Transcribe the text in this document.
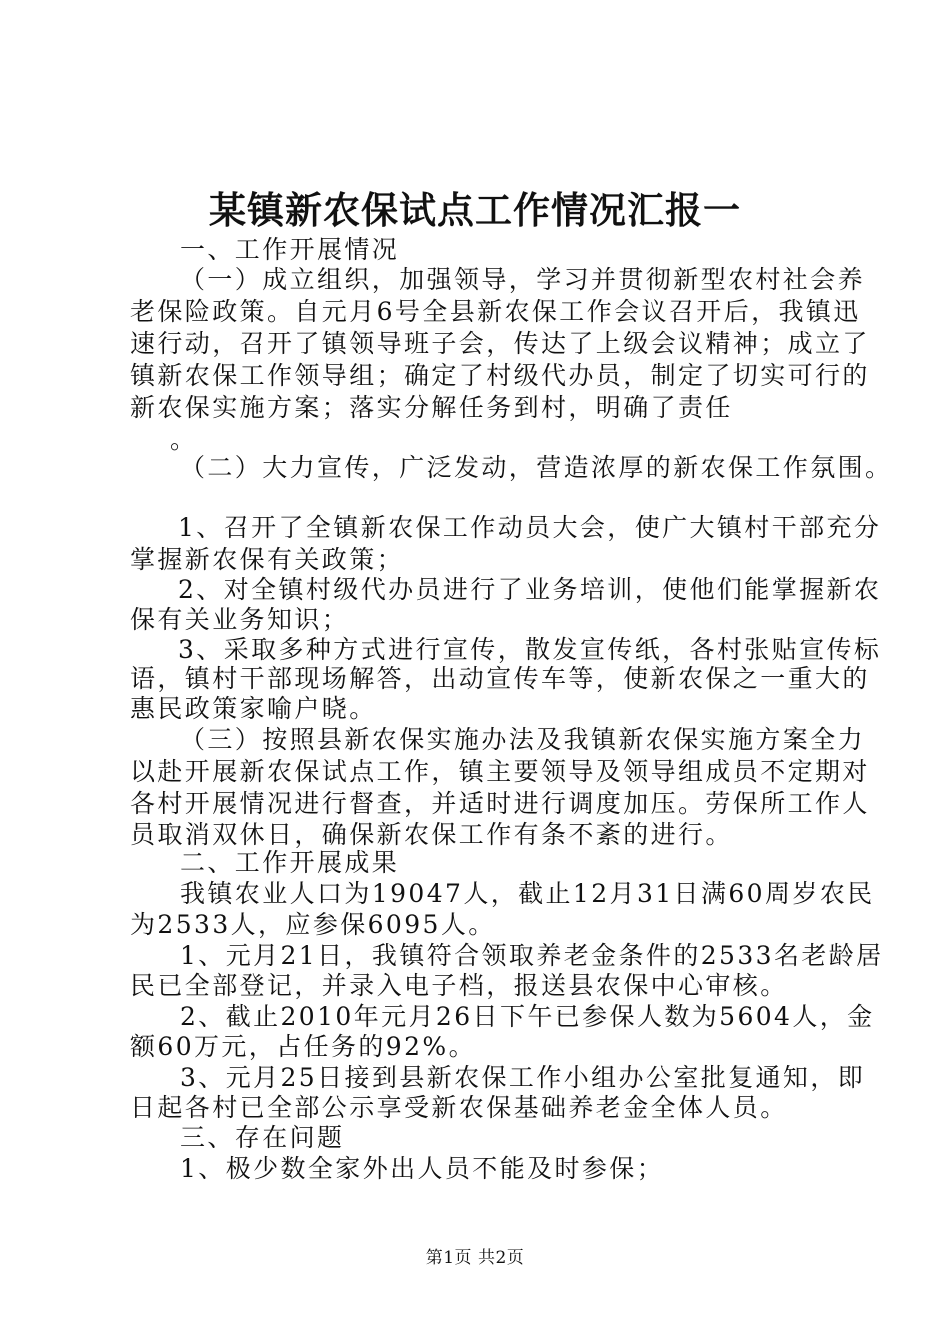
某镇新农保试点工作情况汇报一
一、工作开展情况
（一）成立组织，加强领导，学习并贯彻新型农村社会养
老保险政策。自元月6号全县新农保工作会议召开后，我镇迅
速行动，召开了镇领导班子会，传达了上级会议精神；成立了
镇新农保工作领导组；确定了村级代办员，制定了切实可行的
新农保实施方案；落实分解任务到村，明确了责任
。
（二）大力宣传，广泛发动，营造浓厚的新农保工作氛围。
1、召开了全镇新农保工作动员大会，使广大镇村干部充分
掌握新农保有关政策；
2、对全镇村级代办员进行了业务培训，使他们能掌握新农
保有关业务知识；
3、采取多种方式进行宣传，散发宣传纸，各村张贴宣传标
语，镇村干部现场解答，出动宣传车等，使新农保之一重大的
惠民政策家喻户晓。
（三）按照县新农保实施办法及我镇新农保实施方案全力
以赴开展新农保试点工作，镇主要领导及领导组成员不定期对
各村开展情况进行督查，并适时进行调度加压。劳保所工作人
员取消双休日，确保新农保工作有条不紊的进行。
二、工作开展成果
我镇农业人口为19047人，截止12月31日满60周岁农民
为2533人，应参保6095人。
1、元月21日，我镇符合领取养老金条件的2533名老龄居
民已全部登记，并录入电子档，报送县农保中心审核。
2、截止2010年元月26日下午已参保人数为5604人，金
额60万元，占任务的92%。
3、元月25日接到县新农保工作小组办公室批复通知，即
日起各村已全部公示享受新农保基础养老金全体人员。
三、存在问题
1、极少数全家外出人员不能及时参保；
第1页 共2页
